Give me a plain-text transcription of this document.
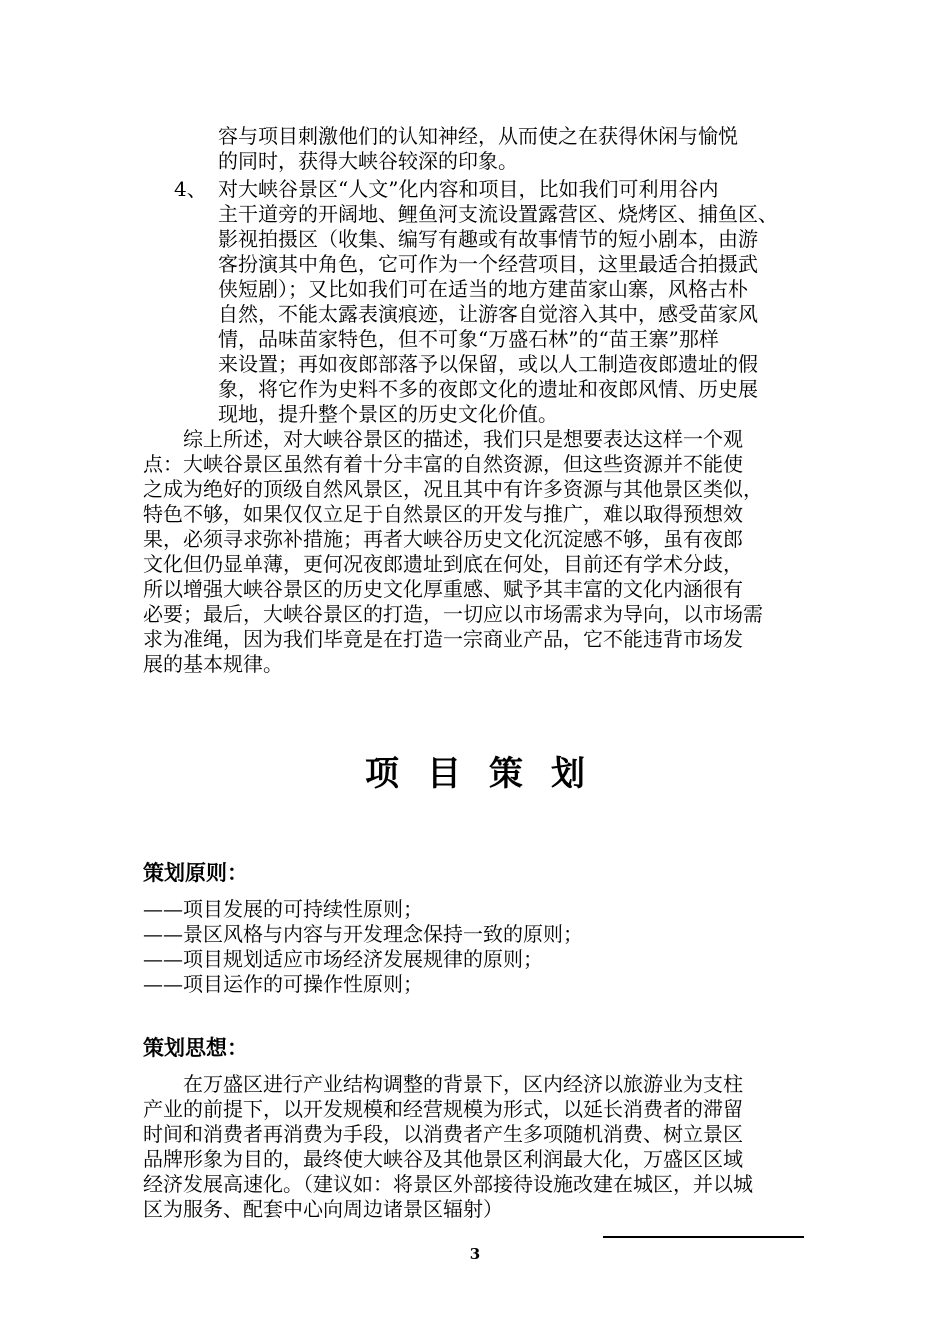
容与项目刺激他们的认知神经，从而使之在获得休闲与愉悦
的同时，获得大峡谷较深的印象。
4、 对大峡谷景区“人文”化内容和项目，比如我们可利用谷内
主干道旁的开阔地、鲤鱼河支流设置露营区、烧烤区、捕鱼区、
影视拍摄区（收集、编写有趣或有故事情节的短小剧本，由游
客扮演其中角色，它可作为一个经营项目，这里最适合拍摄武
侠短剧）；又比如我们可在适当的地方建苗家山寨，风格古朴
自然，不能太露表演痕迹，让游客自觉溶入其中，感受苗家风
情，品味苗家特色，但不可象“万盛石林”的“苗王寨”那样
来设置；再如夜郎部落予以保留，或以人工制造夜郎遗址的假
象，将它作为史料不多的夜郎文化的遗址和夜郎风情、历史展
现地，提升整个景区的历史文化价值。
　　综上所述，对大峡谷景区的描述，我们只是想要表达这样一个观
点：大峡谷景区虽然有着十分丰富的自然资源，但这些资源并不能使
之成为绝好的顶级自然风景区，况且其中有许多资源与其他景区类似，
特色不够，如果仅仅立足于自然景区的开发与推广，难以取得预想效
果，必须寻求弥补措施；再者大峡谷历史文化沉淀感不够，虽有夜郎
文化但仍显单薄，更何况夜郎遗址到底在何处，目前还有学术分歧，
所以增强大峡谷景区的历史文化厚重感、赋予其丰富的文化内涵很有
必要；最后，大峡谷景区的打造，一切应以市场需求为导向，以市场需
求为准绳，因为我们毕竟是在打造一宗商业产品，它不能违背市场发
展的基本规律。
项目策划
策划原则：
——项目发展的可持续性原则；
——景区风格与内容与开发理念保持一致的原则；
——项目规划适应市场经济发展规律的原则；
——项目运作的可操作性原则；
策划思想：
　　在万盛区进行产业结构调整的背景下，区内经济以旅游业为支柱
产业的前提下，以开发规模和经营规模为形式，以延长消费者的滞留
时间和消费者再消费为手段，以消费者产生多项随机消费、树立景区
品牌形象为目的，最终使大峡谷及其他景区利润最大化，万盛区区域
经济发展高速化。（建议如：将景区外部接待设施改建在城区，并以城
区为服务、配套中心向周边诸景区辐射）
3
